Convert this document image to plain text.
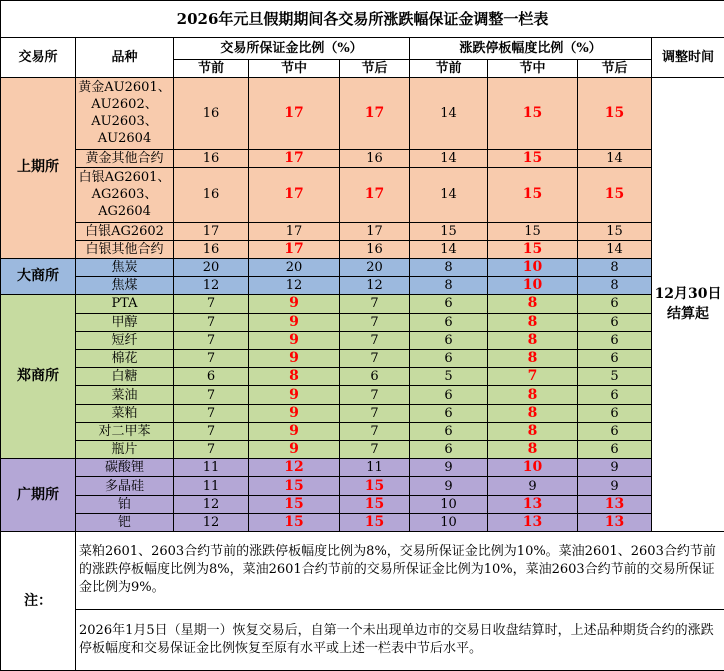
2026年元旦假期期间各交易所涨跌幅保证金调整一栏表								
交易所	品种	交易所保证金比例（%）			涨跌停板幅度比例（%）			调整时间
		节前	节中	节后	节前	节中	节后	
上期所	黄金AU2601、AU2602、AU2603、AU2604	16	17	17	14	15	15	12月30日结算起
	黄金其他合约	16	17	16	14	15	14	
	白银AG2601、AG2603、AG2604	16	17	17	14	15	15	
	白银AG2602	17	17	17	15	15	15	
	白银其他合约	16	17	16	14	15	14	
大商所	焦炭	20	20	20	8	10	8	
	焦煤	12	12	12	8	10	8	
郑商所	PTA	7	9	7	6	8	6	
	甲醇	7	9	7	6	8	6	
	短纤	7	9	7	6	8	6	
	棉花	7	9	7	6	8	6	
	白糖	6	8	6	5	7	5	
	菜油	7	9	7	6	8	6	
	菜粕	7	9	7	6	8	6	
	对二甲苯	7	9	7	6	8	6	
	瓶片	7	9	7	6	8	6	
广期所	碳酸锂	11	12	11	9	10	9	
	多晶硅	11	15	15	9	9	9	
	铂	12	15	15	10	13	13	
	钯	12	15	15	10	13	13	
注：	菜粕2601、2603合约节前的涨跌停板幅度比例为8%，交易所保证金比例为10%。菜油2601、2603合约节前的涨跌停板幅度比例为8%，菜油2601合约节前的交易所保证金比例为10%，菜油2603合约节前的交易所保证金比例为9%。							
	2026年1月5日（星期一）恢复交易后，自第一个未出现单边市的交易日收盘结算时，上述品种期货合约的涨跌停板幅度和交易保证金比例恢复至原有水平或上述一栏表中节后水平。							
